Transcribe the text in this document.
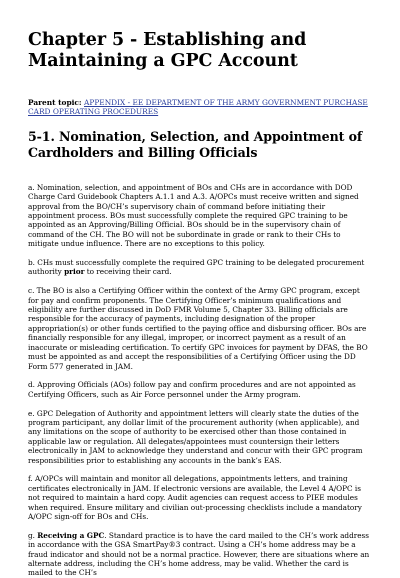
Chapter 5 - Establishing and Maintaining a GPC Account
Parent topic: APPENDIX - EE DEPARTMENT OF THE ARMY GOVERNMENT PURCHASE CARD OPERATING PROCEDURES
5-1. Nomination, Selection, and Appointment of Cardholders and Billing Officials

a. Nomination, selection, and appointment of BOs and CHs are in accordance with DOD Charge Card Guidebook Chapters A.1.1 and A.3. A/OPCs must receive written and signed approval from the BO/CH’s supervisory chain of command before initiating their appointment process. BOs must successfully complete the required GPC training to be appointed as an Approving/Billing Official. BOs should be in the supervisory chain of command of the CH. The BO will not be subordinate in grade or rank to their CHs to mitigate undue influence. There are no exceptions to this policy.

b. CHs must successfully complete the required GPC training to be delegated procurement authority prior to receiving their card.

c. The BO is also a Certifying Officer within the context of the Army GPC program, except for pay and confirm proponents. The Certifying Officer’s minimum qualifications and eligibility are further discussed in DoD FMR Volume 5, Chapter 33. Billing officials are responsible for the accuracy of payments, including designation of the proper appropriation(s) or other funds certified to the paying office and disbursing officer. BOs are financially responsible for any illegal, improper, or incorrect payment as a result of an inaccurate or misleading certification. To certify GPC invoices for payment by DFAS, the BO must be appointed as and accept the responsibilities of a Certifying Officer using the DD Form 577 generated in JAM.

d. Approving Officials (AOs) follow pay and confirm procedures and are not appointed as Certifying Officers, such as Air Force personnel under the Army program.

e. GPC Delegation of Authority and appointment letters will clearly state the duties of the program participant, any dollar limit of the procurement authority (when applicable), and any limitations on the scope of authority to be exercised other than those contained in applicable law or regulation. All delegates/appointees must countersign their letters electronically in JAM to acknowledge they understand and concur with their GPC program responsibilities prior to establishing any accounts in the bank’s EAS.

f. A/OPCs will maintain and monitor all delegations, appointments letters, and training certificates electronically in JAM. If electronic versions are available, the Level 4 A/OPC is not required to maintain a hard copy. Audit agencies can request access to PIEE modules when required. Ensure military and civilian out-processing checklists include a mandatory A/OPC sign-off for BOs and CHs.

g. Receiving a GPC. Standard practice is to have the card mailed to the CH’s work address in accordance with the GSA SmartPay®3 contract. Using a CH’s home address may be a fraud indicator and should not be a normal practice. However, there are situations where an alternate address, including the CH’s home address, may be valid. Whether the card is mailed to the CH’s
